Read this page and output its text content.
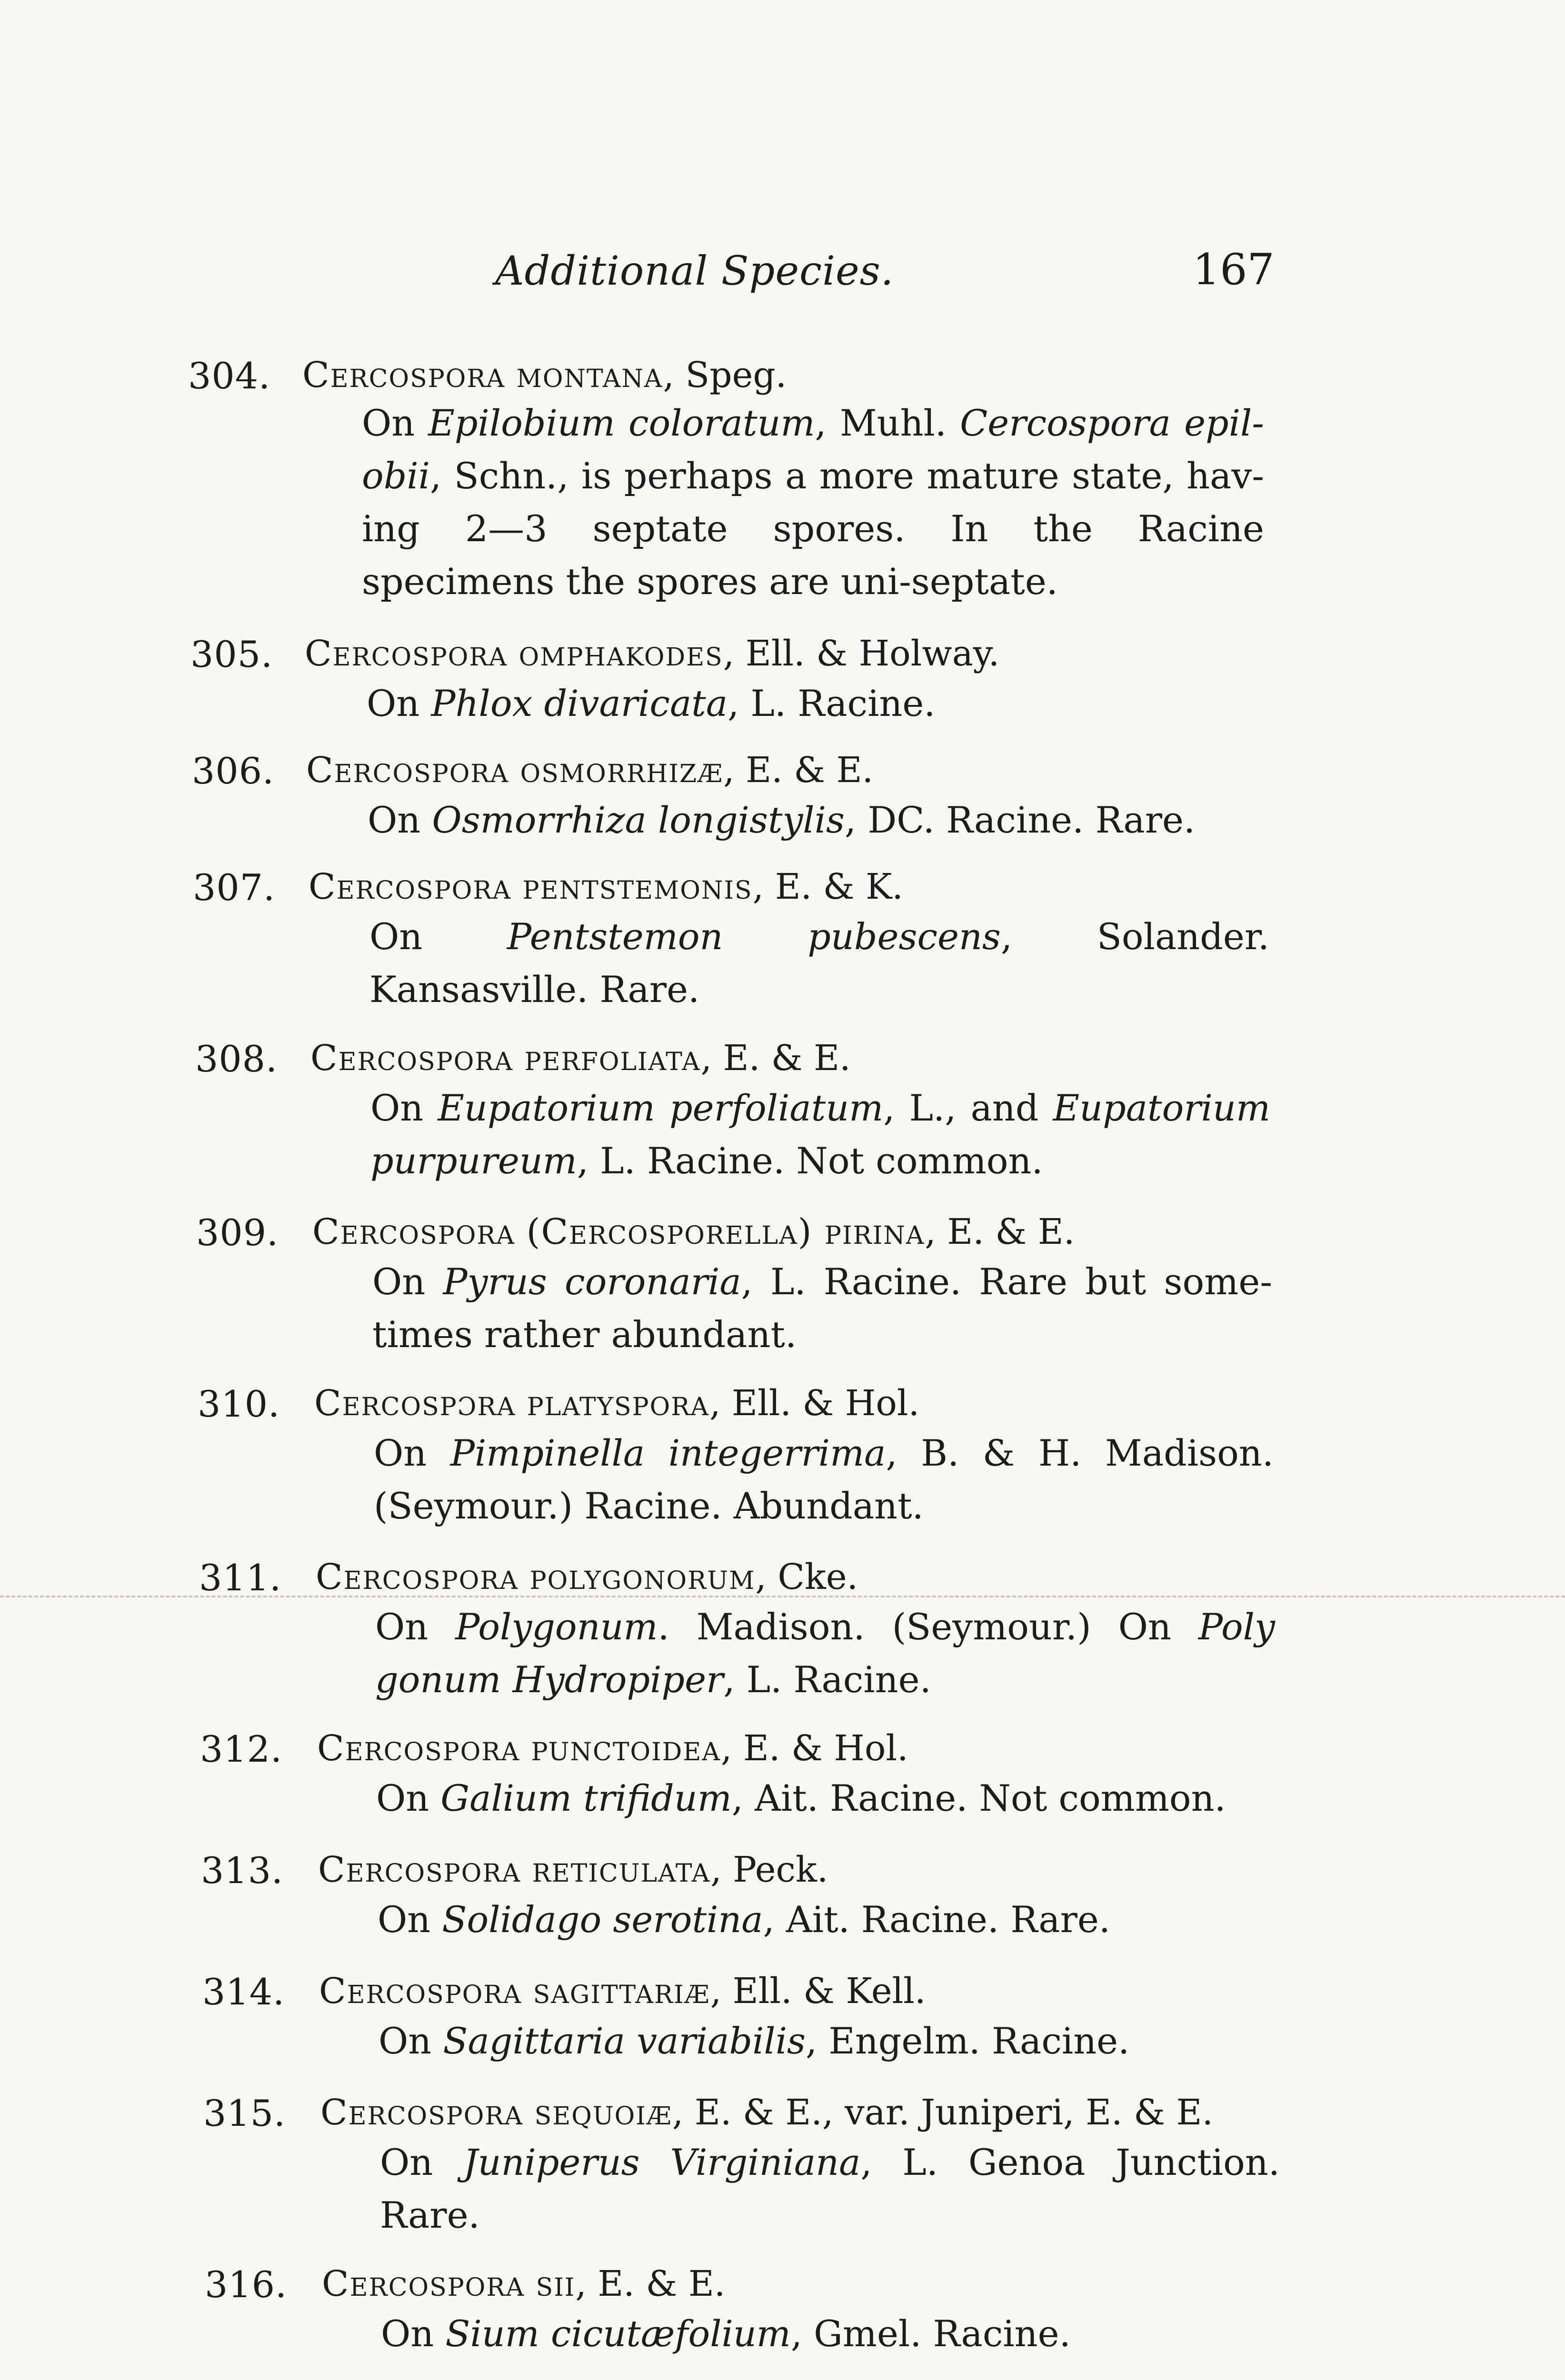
Additional Species.	167
304. Cercospora montana, Speg.
On Epilobium coloratum, Muhl. Cercospora epil-obii, Schn., is perhaps a more mature state, hav-ing 2—3 septate spores. In the Racine specimens the spores are uni-septate.
305. Cercospora omphakodes, Ell. & Holway.
On Phlox divaricata, L. Racine.
306. Cercospora osmorrhizæ, E. & E.
On Osmorrhiza longistylis, DC. Racine. Rare.
307. Cercospora pentstemonis, E. & K.
On Pentstemon pubescens, Solander. Kansasville. Rare.
308. Cercospora perfoliata, E. & E.
On Eupatorium perfoliatum, L., and Eupatorium purpureum, L. Racine. Not common.
309. Cercospora (Cercosporella) pirina, E. & E.
On Pyrus coronaria, L. Racine. Rare but some-times rather abundant.
310. Cercospɔra platyspora, Ell. & Hol.
On Pimpinella integerrima, B. & H. Madison. (Seymour.) Racine. Abundant.
311. Cercospora polygonorum, Cke.
On Polygonum. Madison. (Seymour.) On Poly gonum Hydropiper, L. Racine.
312. Cercospora punctoidea, E. & Hol.
On Galium trifidum, Ait. Racine. Not common.
313. Cercospora reticulata, Peck.
On Solidago serotina, Ait. Racine. Rare.
314. Cercospora sagittariæ, Ell. & Kell.
On Sagittaria variabilis, Engelm. Racine.
315. Cercospora sequoiæ, E. & E., var. Juniperi, E. & E.
On Juniperus Virginiana, L. Genoa Junction. Rare.
316. Cercospora sii, E. & E.
On Sium cicutæfolium, Gmel. Racine.
